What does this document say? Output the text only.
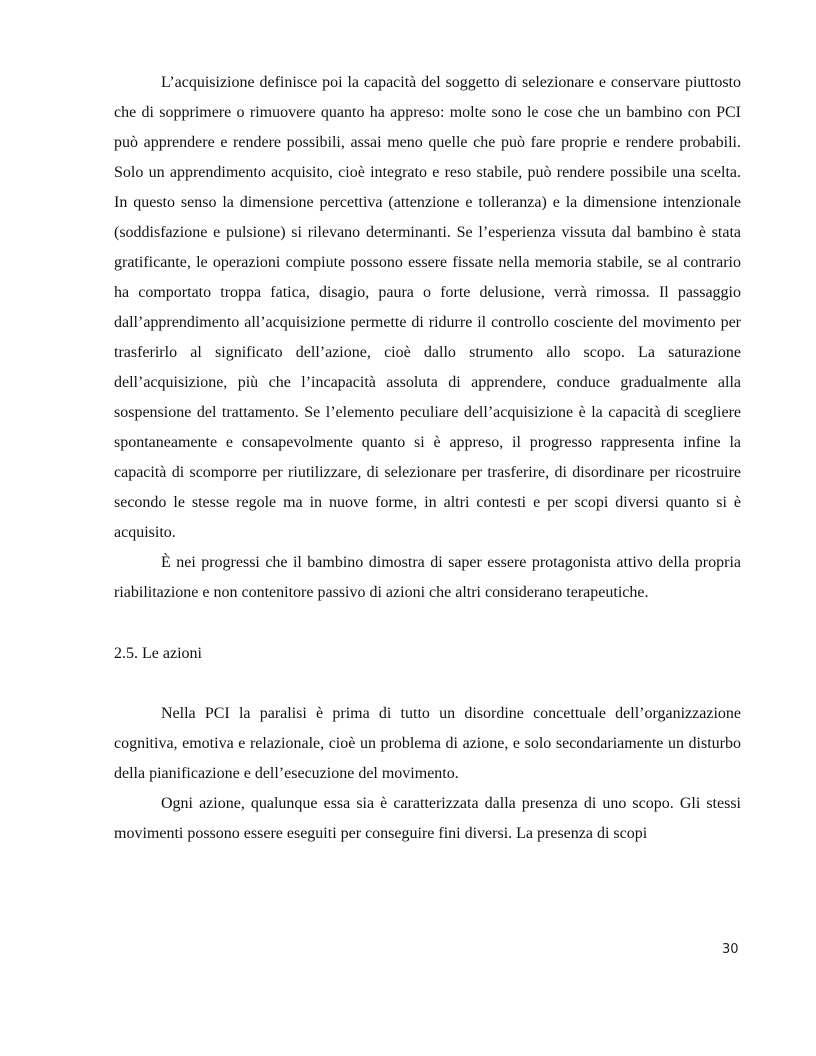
L’acquisizione definisce poi la capacità del soggetto di selezionare e conservare piuttosto che di sopprimere o rimuovere quanto ha appreso: molte sono le cose che un bambino con PCI può apprendere e rendere possibili, assai meno quelle che può fare proprie e rendere probabili. Solo un apprendimento acquisito, cioè integrato e reso stabile, può rendere possibile una scelta. In questo senso la dimensione percettiva (attenzione e tolleranza) e la dimensione intenzionale (soddisfazione e pulsione) si rilevano determinanti. Se l’esperienza vissuta dal bambino è stata gratificante, le operazioni compiute possono essere fissate nella memoria stabile, se al contrario ha comportato troppa fatica, disagio, paura o forte delusione, verrà rimossa. Il passaggio dall’apprendimento all’acquisizione permette di ridurre il controllo cosciente del movimento per trasferirlo al significato dell’azione, cioè dallo strumento allo scopo. La saturazione dell’acquisizione, più che l’incapacità assoluta di apprendere, conduce gradualmente alla sospensione del trattamento. Se l’elemento peculiare dell’acquisizione è la capacità di scegliere spontaneamente e consapevolmente quanto si è appreso, il progresso rappresenta infine la capacità di scomporre per riutilizzare, di selezionare per trasferire, di disordinare per ricostruire secondo le stesse regole ma in nuove forme, in altri contesti e per scopi diversi quanto si è acquisito.

È nei progressi che il bambino dimostra di saper essere protagonista attivo della propria riabilitazione e non contenitore passivo di azioni che altri considerano terapeutiche.

2.5. Le azioni

Nella PCI la paralisi è prima di tutto un disordine concettuale dell’organizzazione cognitiva, emotiva e relazionale, cioè un problema di azione, e solo secondariamente un disturbo della pianificazione e dell’esecuzione del movimento.

Ogni azione, qualunque essa sia è caratterizzata dalla presenza di uno scopo. Gli stessi movimenti possono essere eseguiti per conseguire fini diversi. La presenza di scopi

30
